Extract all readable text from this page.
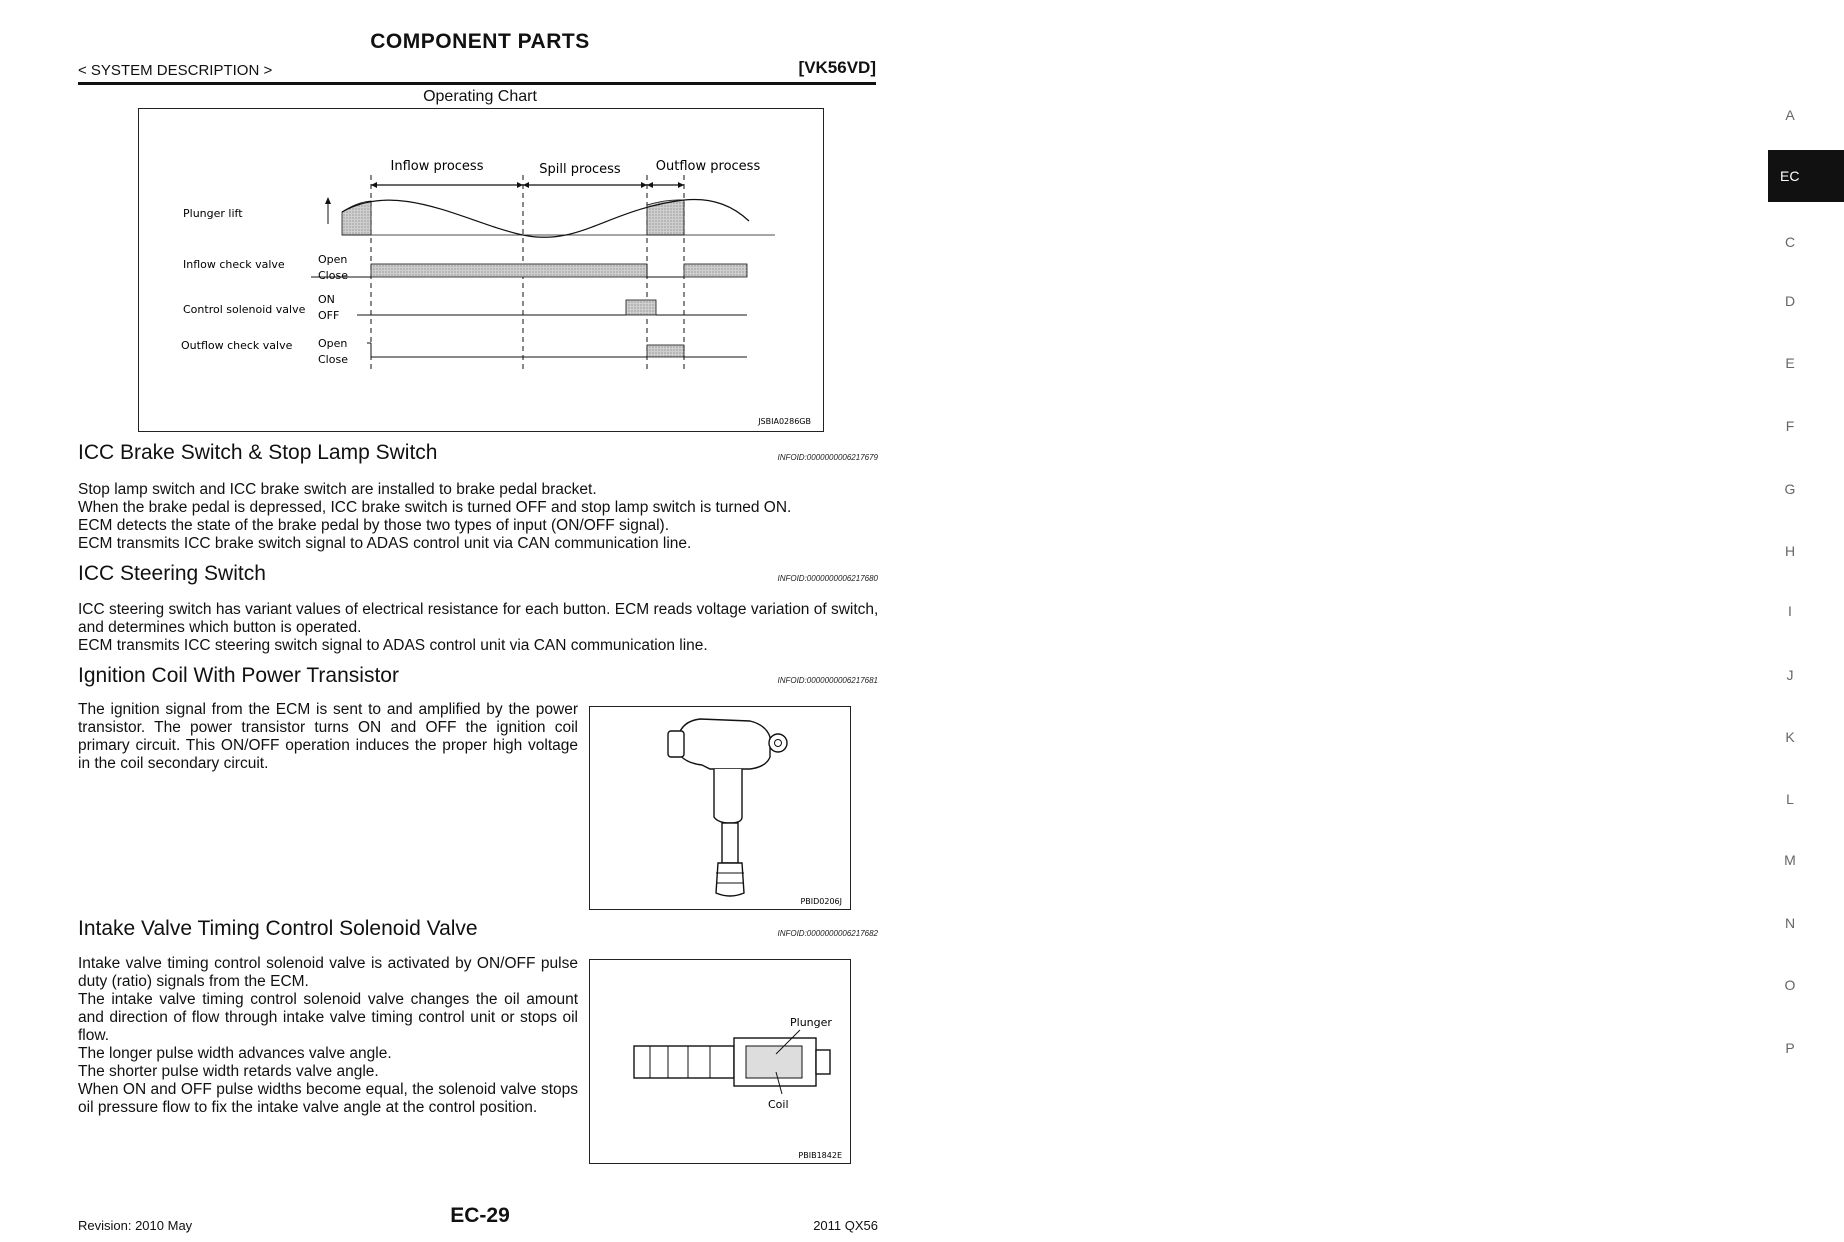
COMPONENT PARTS
< SYSTEM DESCRIPTION >	[VK56VD]
Operating Chart
A
EC
C
D
E
F
G
H
I
J
K
L
M
N
O
P
Inflow process	Spill process	Outflow process
Plunger lift
Inflow check valve
Control solenoid valve
Outflow check valve
Open
Close
ON
OFF
Open
Close
JSBIA0286GB
ICC Brake Switch & Stop Lamp Switch	INFOID:0000000006217679

Stop lamp switch and ICC brake switch are installed to brake pedal bracket.

When the brake pedal is depressed, ICC brake switch is turned OFF and stop lamp switch is turned ON.

ECM detects the state of the brake pedal by those two types of input (ON/OFF signal).

ECM transmits ICC brake switch signal to ADAS control unit via CAN communication line.

ICC Steering Switch	INFOID:0000000006217680

ICC steering switch has variant values of electrical resistance for each button. ECM reads voltage variation of switch, and determines which button is operated.

ECM transmits ICC steering switch signal to ADAS control unit via CAN communication line.

Ignition Coil With Power Transistor	INFOID:0000000006217681

The ignition signal from the ECM is sent to and amplified by the power transistor. The power transistor turns ON and OFF the ignition coil primary circuit. This ON/OFF operation induces the proper high voltage in the coil secondary circuit.

PBID0206J
Intake Valve Timing Control Solenoid Valve	INFOID:0000000006217682

Intake valve timing control solenoid valve is activated by ON/OFF pulse duty (ratio) signals from the ECM.

The intake valve timing control solenoid valve changes the oil amount and direction of flow through intake valve timing control unit or stops oil flow.

The longer pulse width advances valve angle.

The shorter pulse width retards valve angle.

When ON and OFF pulse widths become equal, the solenoid valve stops oil pressure flow to fix the intake valve angle at the control position.

Plunger
Coil
PBIB1842E
Revision: 2010 May	EC-29	2011 QX56
